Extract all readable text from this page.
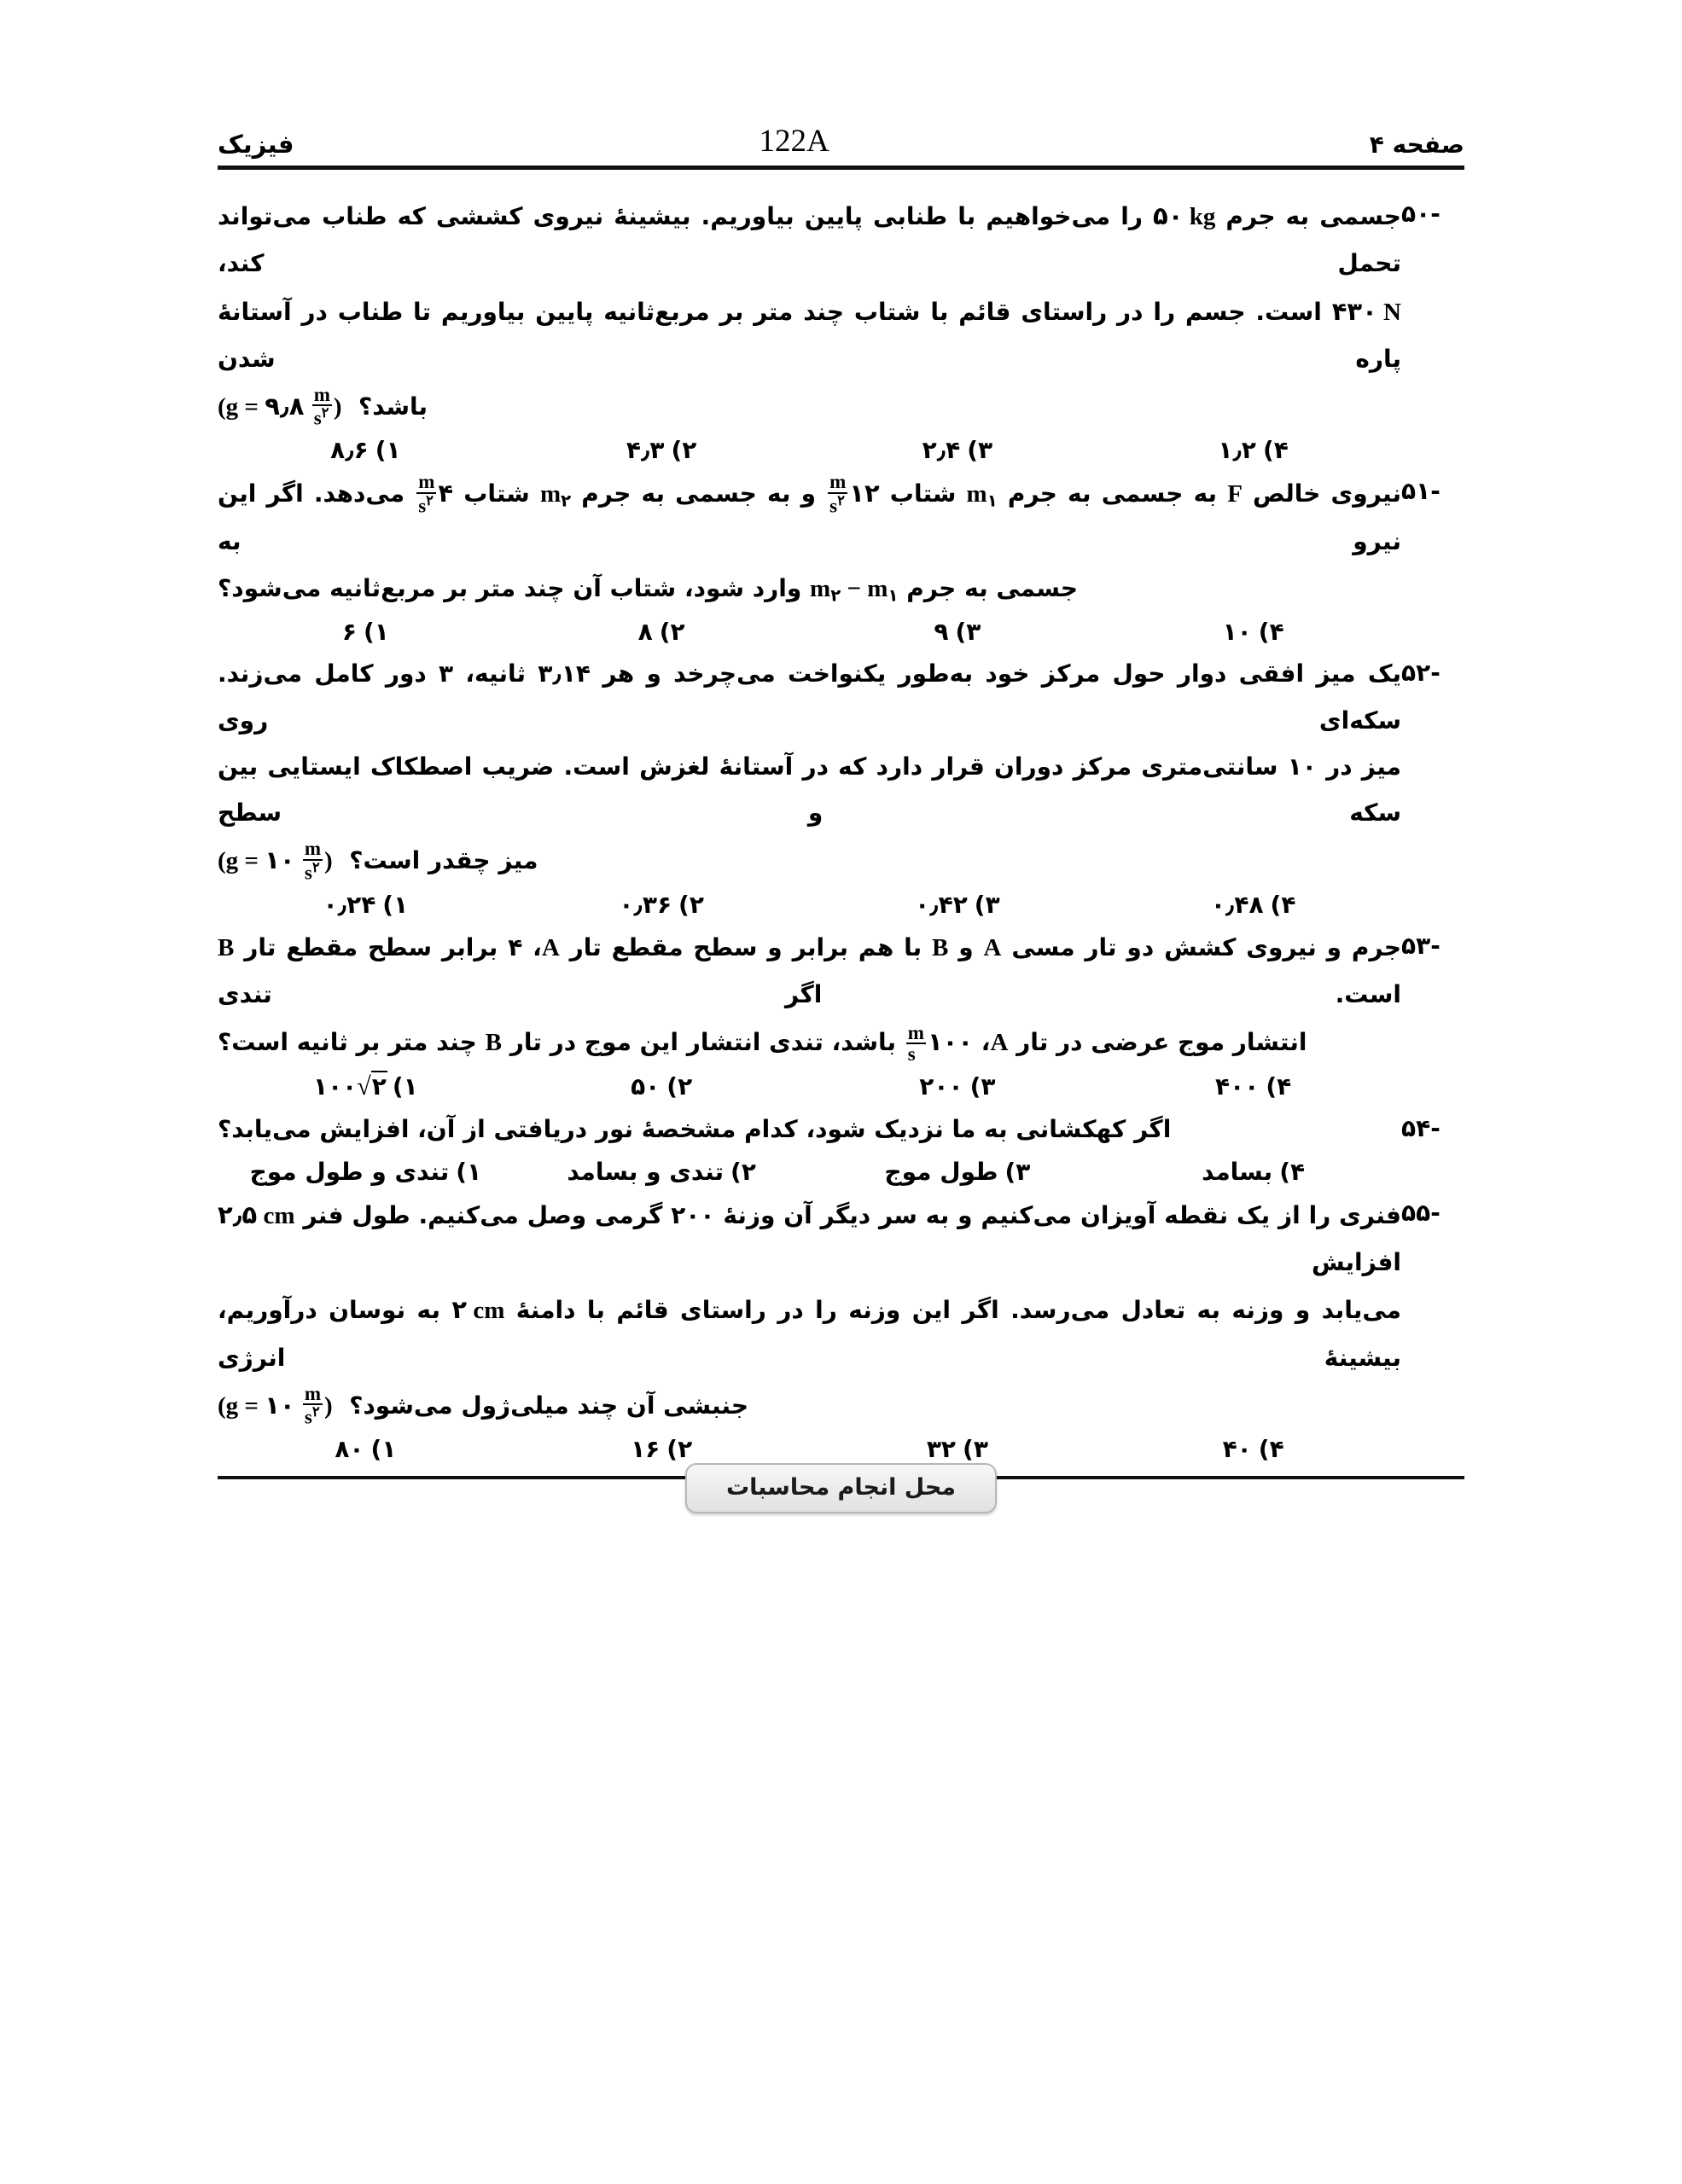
فیزیک	122A	صفحه ۴
-۵۰
جسمی به جرم ۵۰ kg را می‌خواهیم با طنابی پایین بیاوریم. بیشینهٔ نیروی کششی که طناب می‌تواند تحمل کند،
۴۳۰ N است. جسم را در راستای قائم با شتاب چند متر بر مربع‌ثانیه پایین بیاوریم تا طناب در آستانهٔ پاره شدن
باشد؟  (g = ۹٫۸ $\frac{m}{s^۲}$ )
۴)۱٫۲
۳)۲٫۴
۲)۴٫۳
۱)۸٫۶
-۵۱
نیروی خالص F به جسمی به جرم $m_۱$ شتاب ۱۲
$\frac{m}{s^۲}$
و به جسمی به جرم $m_۲$ شتاب ۴
$\frac{m}{s^۲}$
می‌دهد. اگر این نیرو به
جسمی به جرم $m_۲ - m_۱$ وارد شود، شتاب آن چند متر بر مربع‌ثانیه می‌شود؟
۴)۱۰
۳)۹
۲)۸
۱)۶
-۵۲
یک میز افقی دوار حول مرکز خود به‌طور یکنواخت می‌چرخد و هر ۳٫۱۴ ثانیه، ۳ دور کامل می‌زند. سکه‌ای روی
میز در ۱۰ سانتی‌متری مرکز دوران قرار دارد که در آستانهٔ لغزش است. ضریب اصطکاک ایستایی بین سکه و سطح
میز چقدر است؟  (g = ۱۰ $\frac{m}{s^۲}$ )
۴)۰٫۴۸
۳)۰٫۴۲
۲)۰٫۳۶
۱)۰٫۲۴
-۵۳
جرم و نیروی کشش دو تار مسی A و B با هم برابر و سطح مقطع تار A، ۴ برابر سطح مقطع تار B است. اگر تندی
انتشار موج عرضی در تار A، ۱۰۰
$\frac{m}{s}$
باشد، تندی انتشار این موج در تار B چند متر بر ثانیه است؟
۴)۴۰۰
۳)۲۰۰
۲)۵۰
۱)۱۰۰√۲
-۵۴
اگر کهکشانی به ما نزدیک شود، کدام مشخصهٔ نور دریافتی از آن، افزایش می‌یابد؟
۴)بسامد
۳)طول موج
۲)تندی و بسامد
۱)تندی و طول موج
-۵۵
فنری را از یک نقطه آویزان می‌کنیم و به سر دیگر آن وزنهٔ ۲۰۰ گرمی وصل می‌کنیم. طول فنر ۲٫۵ cm افزایش
می‌یابد و وزنه به تعادل می‌رسد. اگر این وزنه را در راستای قائم با دامنهٔ ۲ cm به نوسان درآوریم، بیشینهٔ انرژی
جنبشی آن چند میلی‌ژول می‌شود؟  (g = ۱۰ $\frac{m}{s^۲}$ )
۴)۴۰
۳)۳۲
۲)۱۶
۱)۸۰
محل انجام محاسبات
